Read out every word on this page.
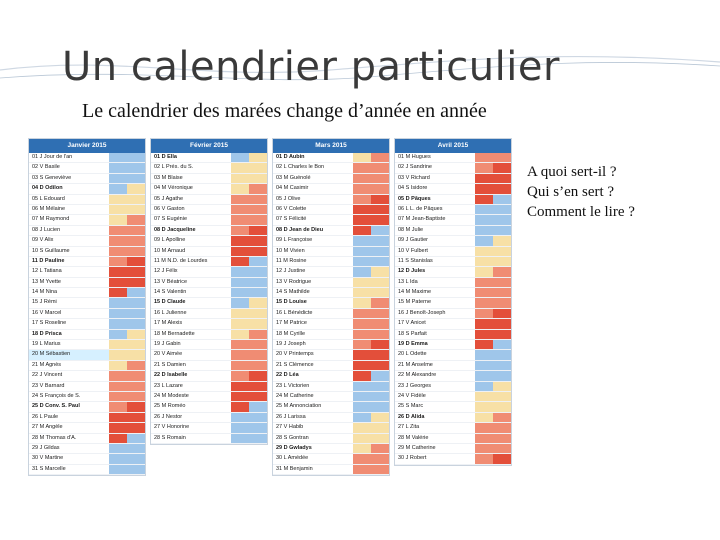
Un calendrier particulier
Le calendrier des marées change d’année en année
Janvier 2015
01 J Jour de l'an
02 V Basile
03 S Geneviève
04 D Odilon
05 L Edouard
06 M Mélaine
07 M Raymond
08 J Lucien
09 V Alix
10 S Guillaume
11 D Pauline
12 L Tatiana
13 M Yvette
14 M Nina
15 J Rémi
16 V Marcel
17 S Roseline
18 D Prisca
19 L Marius
20 M Sébastien
21 M Agnès
22 J Vincent
23 V Barnard
24 S François de S.
25 D Conv. S. Paul
26 L Paule
27 M Angèle
28 M Thomas d'A.
29 J Gildas
30 V Martine
31 S Marcelle
Février 2015
01 D Ella
02 L Prés. du S.
03 M Blaise
04 M Véronique
05 J Agathe
06 V Gaston
07 S Eugénie
08 D Jacqueline
09 L Apolline
10 M Arnaud
11 M N.D. de Lourdes
12 J Félix
13 V Béatrice
14 S Valentin
15 D Claude
16 L Julienne
17 M Alexis
18 M Bernadette
19 J Gabin
20 V Aimée
21 S Damien
22 D Isabelle
23 L Lazare
24 M Modeste
25 M Roméo
26 J Nestor
27 V Honorine
28 S Romain
Mars 2015
01 D Aubin
02 L Charles le Bon
03 M Guénolé
04 M Casimir
05 J Olive
06 V Colette
07 S Félicité
08 D Jean de Dieu
09 L Françoise
10 M Vivien
11 M Rosine
12 J Justine
13 V Rodrigue
14 S Mathilde
15 D Louise
16 L Bénédicte
17 M Patrice
18 M Cyrille
19 J Joseph
20 V Printemps
21 S Clémence
22 D Léa
23 L Victorien
24 M Catherine
25 M Annonciation
26 J Larissa
27 V Habib
28 S Gontran
29 D Gwladys
30 L Amédée
31 M Benjamin
Avril 2015
01 M Hugues
02 J Sandrine
03 V Richard
04 S Isidore
05 D Pâques
06 L L. de Pâques
07 M Jean-Baptiste
08 M Julie
09 J Gautier
10 V Fulbert
11 S Stanislas
12 D Jules
13 L Ida
14 M Maxime
15 M Paterne
16 J Benoît-Joseph
17 V Anicet
18 S Parfait
19 D Emma
20 L Odette
21 M Anselme
22 M Alexandre
23 J Georges
24 V Fidèle
25 S Marc
26 D Alida
27 L Zita
28 M Valérie
29 M Catherine
30 J Robert
A quoi sert-il ?
Qui s’en sert ?
Comment le lire ?
